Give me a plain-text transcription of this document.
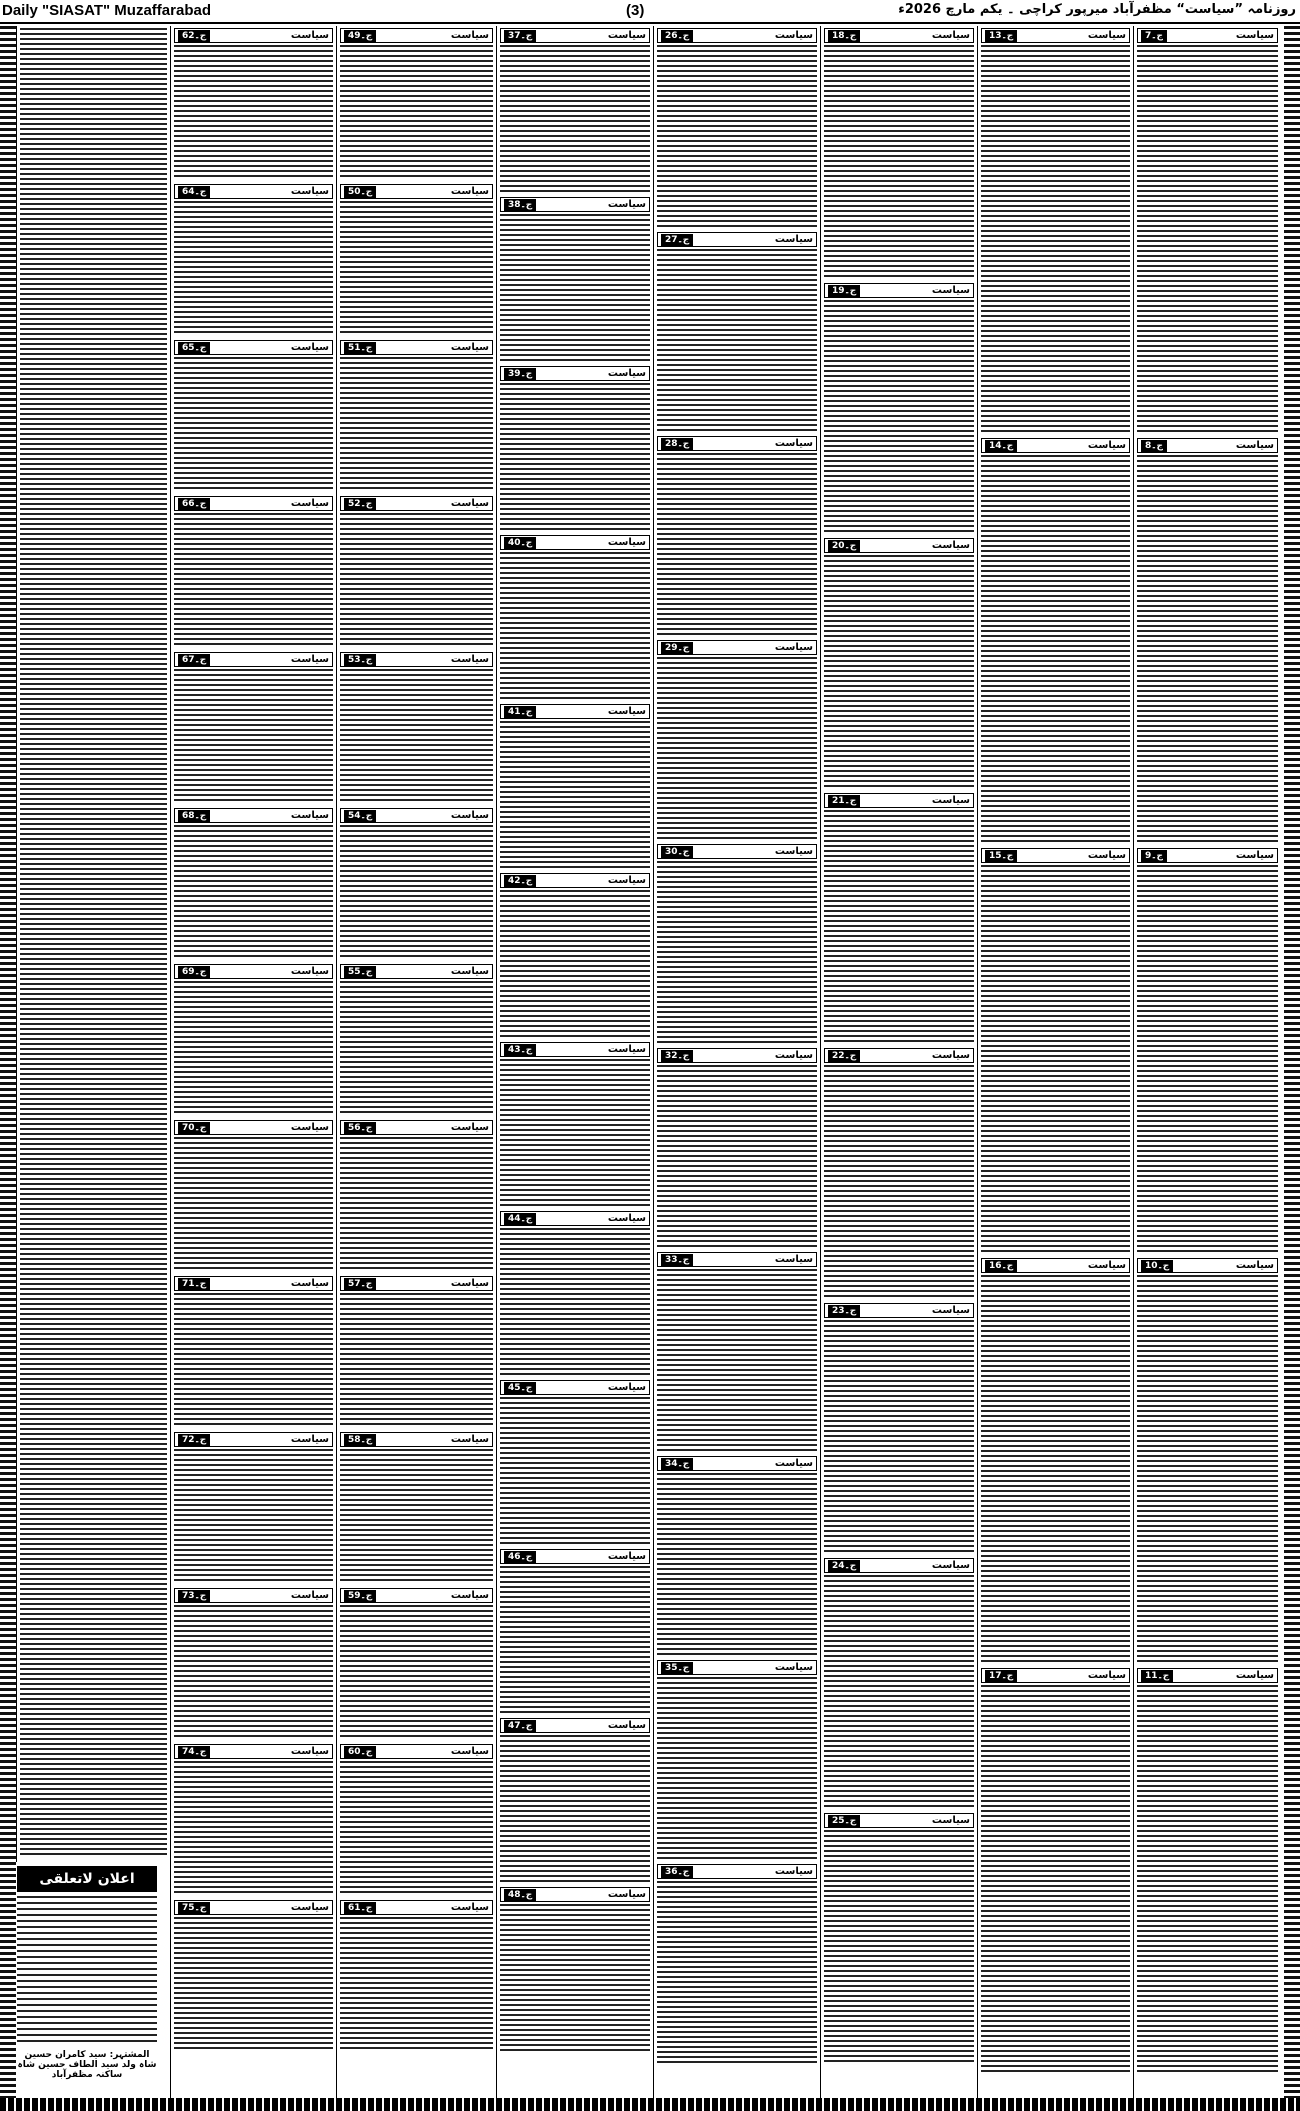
Daily "SIASAT" Muzaffarabad	(3)	روزنامہ ”سیاست“ مظفرآباد میرپور کراچی ۔ یکم مارچ 2026ء
ج۔7	سیاست
ج۔8	سیاست
ج۔9	سیاست
ج۔10	سیاست
ج۔11	سیاست
ج۔13	سیاست
ج۔14	سیاست
ج۔15	سیاست
ج۔16	سیاست
ج۔17	سیاست
ج۔18	سیاست
ج۔19	سیاست
ج۔20	سیاست
ج۔21	سیاست
ج۔22	سیاست
ج۔23	سیاست
ج۔24	سیاست
ج۔25	سیاست
ج۔26	سیاست
ج۔27	سیاست
ج۔28	سیاست
ج۔29	سیاست
ج۔30	سیاست
ج۔32	سیاست
ج۔33	سیاست
ج۔34	سیاست
ج۔35	سیاست
ج۔36	سیاست
ج۔37	سیاست
ج۔38	سیاست
ج۔39	سیاست
ج۔40	سیاست
ج۔41	سیاست
ج۔42	سیاست
ج۔43	سیاست
ج۔44	سیاست
ج۔45	سیاست
ج۔46	سیاست
ج۔47	سیاست
ج۔48	سیاست
ج۔49	سیاست
ج۔50	سیاست
ج۔51	سیاست
ج۔52	سیاست
ج۔53	سیاست
ج۔54	سیاست
ج۔55	سیاست
ج۔56	سیاست
ج۔57	سیاست
ج۔58	سیاست
ج۔59	سیاست
ج۔60	سیاست
ج۔61	سیاست
ج۔62	سیاست
ج۔64	سیاست
ج۔65	سیاست
ج۔66	سیاست
ج۔67	سیاست
ج۔68	سیاست
ج۔69	سیاست
ج۔70	سیاست
ج۔71	سیاست
ج۔72	سیاست
ج۔73	سیاست
ج۔74	سیاست
ج۔75	سیاست
اعلان لاتعلقی
المشتہر: سید کامران حسین شاہ ولد سید الطاف حسین شاہ ساکنہ مظفرآباد
